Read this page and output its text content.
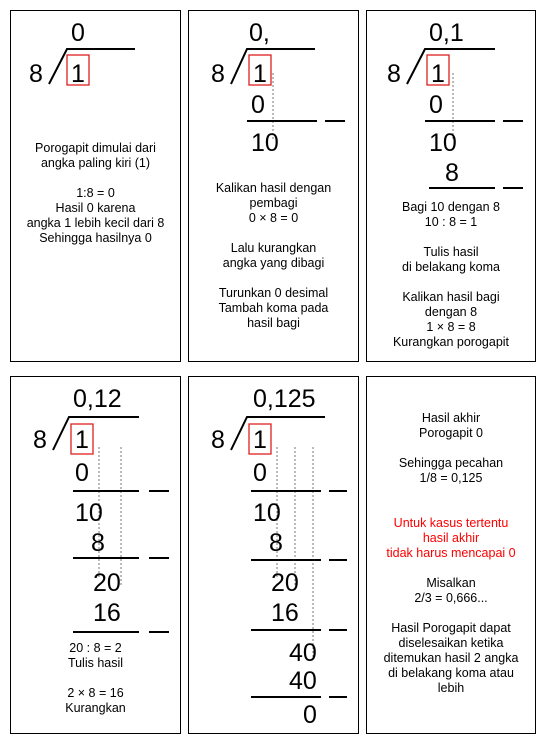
0
8 1
Porogapit dimulai dari
angka paling kiri (1)

1:8 = 0
Hasil 0 karena
angka 1 lebih kecil dari 8
Sehingga hasilnya 0
0,
8 1
0
10
Kalikan hasil dengan
pembagi
0 × 8 = 0

Lalu kurangkan
angka yang dibagi

Turunkan 0 desimal
Tambah koma pada
hasil bagi
0,1
8 1
0
10
8
Bagi 10 dengan 8
10 : 8 = 1

Tulis hasil
di belakang koma

Kalikan hasil bagi
dengan 8
1 × 8 = 8
Kurangkan porogapit
0,12
8 1
0
10
8
20
16
20 : 8 = 2
Tulis hasil

2 × 8 = 16
Kurangkan
0,125
8 1
0
10
8
20
16
40
40
0
Hasil akhir
Porogapit 0

Sehingga pecahan
1/8 = 0,125

Untuk kasus tertentu
hasil akhir
tidak harus mencapai 0

Misalkan
2/3 = 0,666...

Hasil Porogapit dapat
diselesaikan ketika
ditemukan hasil 2 angka
di belakang koma atau
lebih
